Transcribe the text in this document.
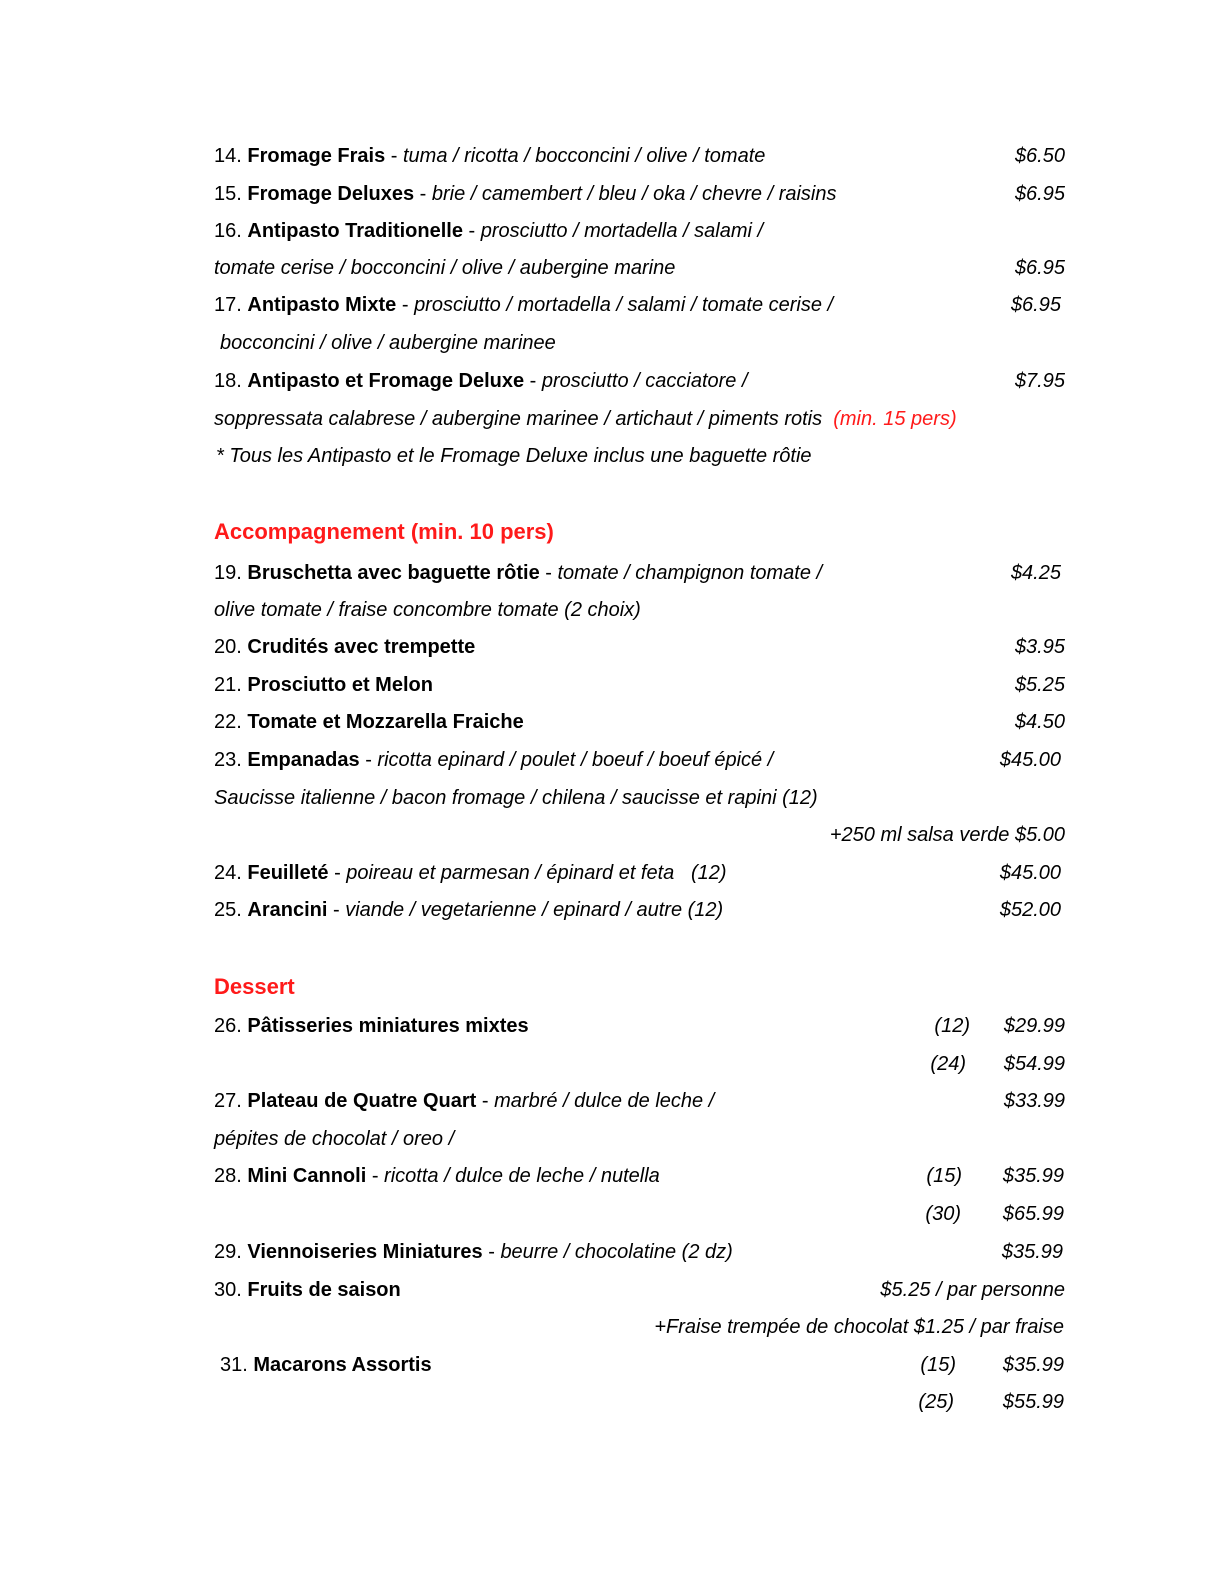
14. Fromage Frais - tuma / ricotta / bocconcini / olive / tomate	$6.50
15. Fromage Deluxes - brie / camembert / bleu / oka / chevre / raisins	$6.95
16. Antipasto Traditionelle - prosciutto / mortadella / salami /
tomate cerise / bocconcini / olive / aubergine marine	$6.95
17. Antipasto Mixte - prosciutto / mortadella / salami / tomate cerise /	$6.95
bocconcini / olive / aubergine marinee
18. Antipasto et Fromage Deluxe - prosciutto / cacciatore /	$7.95
soppressata calabrese / aubergine marinee / artichaut / piments rotis (min. 15 pers)
* Tous les Antipasto et le Fromage Deluxe inclus une baguette rôtie
Accompagnement (min. 10 pers)
19. Bruschetta avec baguette rôtie - tomate / champignon tomate /	$4.25
olive tomate / fraise concombre tomate (2 choix)
20. Crudités avec trempette	$3.95
21. Prosciutto et Melon	$5.25
22. Tomate et Mozzarella Fraiche	$4.50
23. Empanadas - ricotta epinard / poulet / boeuf / boeuf épicé /	$45.00
Saucisse italienne / bacon fromage / chilena / saucisse et rapini (12)
+250 ml salsa verde $5.00
24. Feuilleté - poireau et parmesan / épinard et feta (12)	$45.00
25. Arancini - viande / vegetarienne / epinard / autre (12)	$52.00
Dessert
26. Pâtisseries miniatures mixtes	(12) $29.99
(24) $54.99
27. Plateau de Quatre Quart - marbré / dulce de leche /	$33.99
pépites de chocolat / oreo /
28. Mini Cannoli - ricotta / dulce de leche / nutella	(15) $35.99
(30) $65.99
29. Viennoiseries Miniatures - beurre / chocolatine (2 dz)	$35.99
30. Fruits de saison	$5.25 / par personne
+Fraise trempée de chocolat $1.25 / par fraise
31. Macarons Assortis	(15) $35.99
(25) $55.99
